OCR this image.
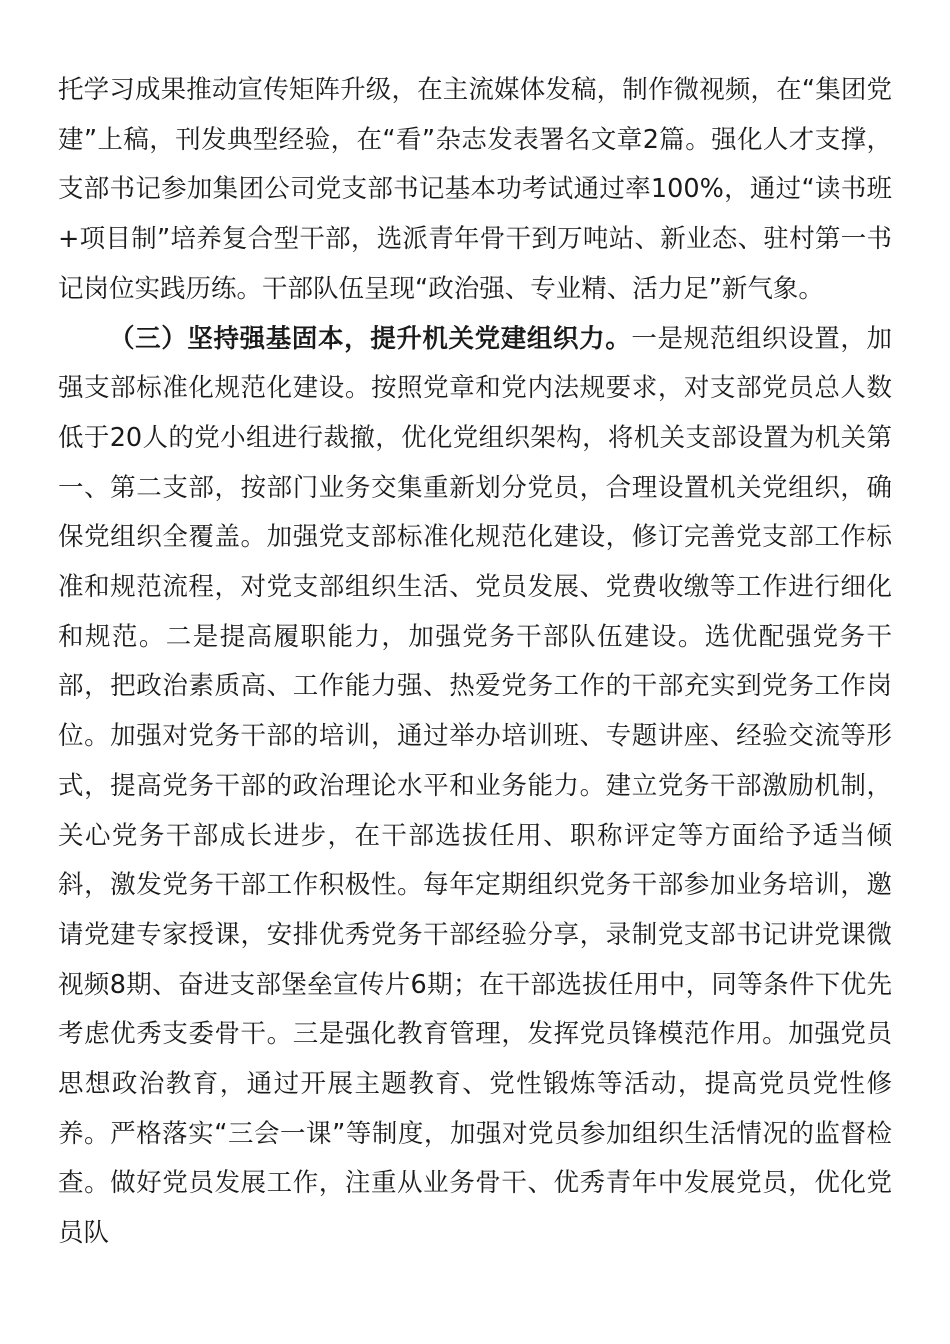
托学习成果推动宣传矩阵升级，在主流媒体发稿，制作微视频，在“集团党建”上稿，刊发典型经验，在“看”杂志发表署名文章2篇。强化人才支撑，支部书记参加集团公司党支部书记基本功考试通过率100%，通过“读书班+项目制”培养复合型干部，选派青年骨干到万吨站、新业态、驻村第一书记岗位实践历练。干部队伍呈现“政治强、专业精、活力足”新气象。

（三）坚持强基固本，提升机关党建组织力。一是规范组织设置，加强支部标准化规范化建设。按照党章和党内法规要求，对支部党员总人数低于20人的党小组进行裁撤，优化党组织架构，将机关支部设置为机关第一、第二支部，按部门业务交集重新划分党员，合理设置机关党组织，确保党组织全覆盖。加强党支部标准化规范化建设，修订完善党支部工作标准和规范流程，对党支部组织生活、党员发展、党费收缴等工作进行细化和规范。二是提高履职能力，加强党务干部队伍建设。选优配强党务干部，把政治素质高、工作能力强、热爱党务工作的干部充实到党务工作岗位。加强对党务干部的培训，通过举办培训班、专题讲座、经验交流等形式，提高党务干部的政治理论水平和业务能力。建立党务干部激励机制，关心党务干部成长进步，在干部选拔任用、职称评定等方面给予适当倾斜，激发党务干部工作积极性。每年定期组织党务干部参加业务培训，邀请党建专家授课，安排优秀党务干部经验分享，录制党支部书记讲党课微视频8期、奋进支部堡垒宣传片6期；在干部选拔任用中，同等条件下优先考虑优秀支委骨干。三是强化教育管理，发挥党员锋模范作用。加强党员思想政治教育，通过开展主题教育、党性锻炼等活动，提高党员党性修养。严格落实“三会一课”等制度，加强对党员参加组织生活情况的监督检查。做好党员发展工作，注重从业务骨干、优秀青年中发展党员，优化党员队
